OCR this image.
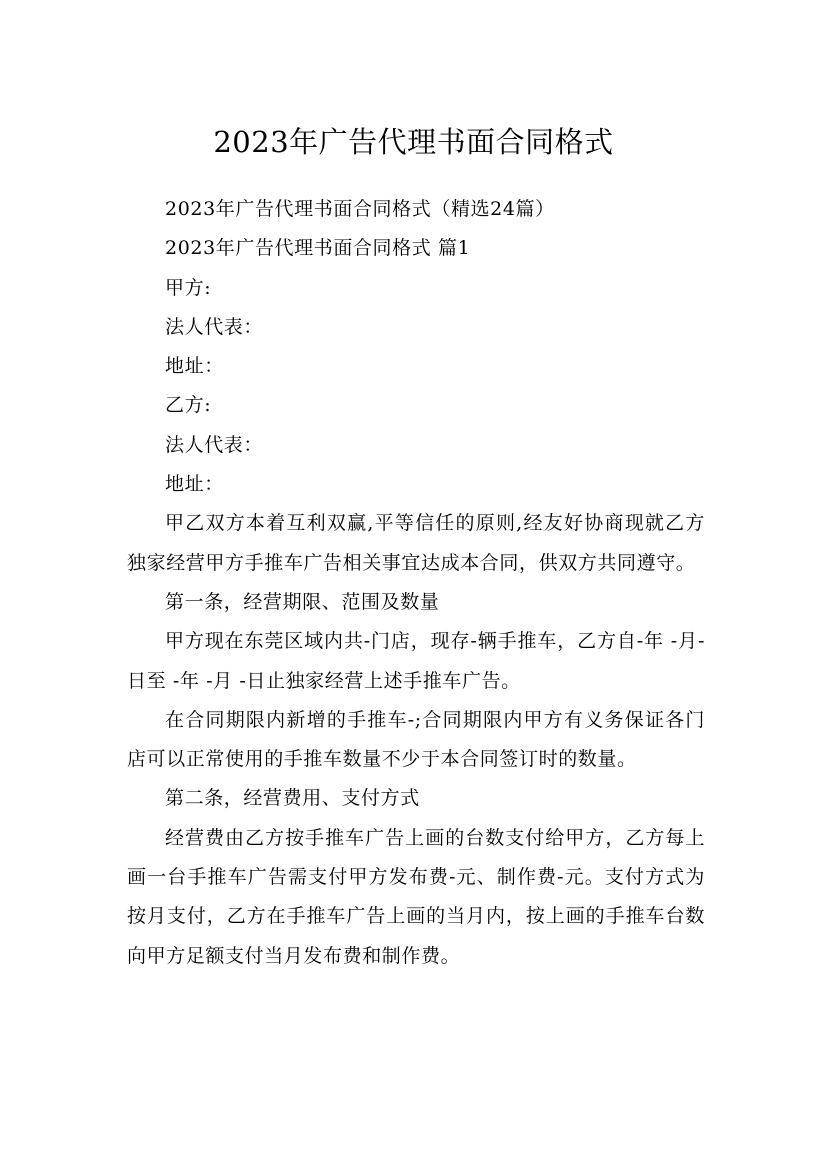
2023年广告代理书面合同格式

2023年广告代理书面合同格式（精选24篇）

2023年广告代理书面合同格式 篇1

甲方:

法人代表：

地址：

乙方:

法人代表：

地址：

甲乙双方本着互利双赢,平等信任的原则,经友好协商现就乙方独家经营甲方手推车广告相关事宜达成本合同，供双方共同遵守。

第一条，经营期限、范围及数量

甲方现在东莞区域内共-门店，现存-辆手推车，乙方自-年 -月-日至 -年 -月 -日止独家经营上述手推车广告。

在合同期限内新增的手推车-;合同期限内甲方有义务保证各门店可以正常使用的手推车数量不少于本合同签订时的数量。

第二条，经营费用、支付方式

经营费由乙方按手推车广告上画的台数支付给甲方，乙方每上画一台手推车广告需支付甲方发布费-元、制作费-元。支付方式为按月支付，乙方在手推车广告上画的当月内，按上画的手推车台数向甲方足额支付当月发布费和制作费。
